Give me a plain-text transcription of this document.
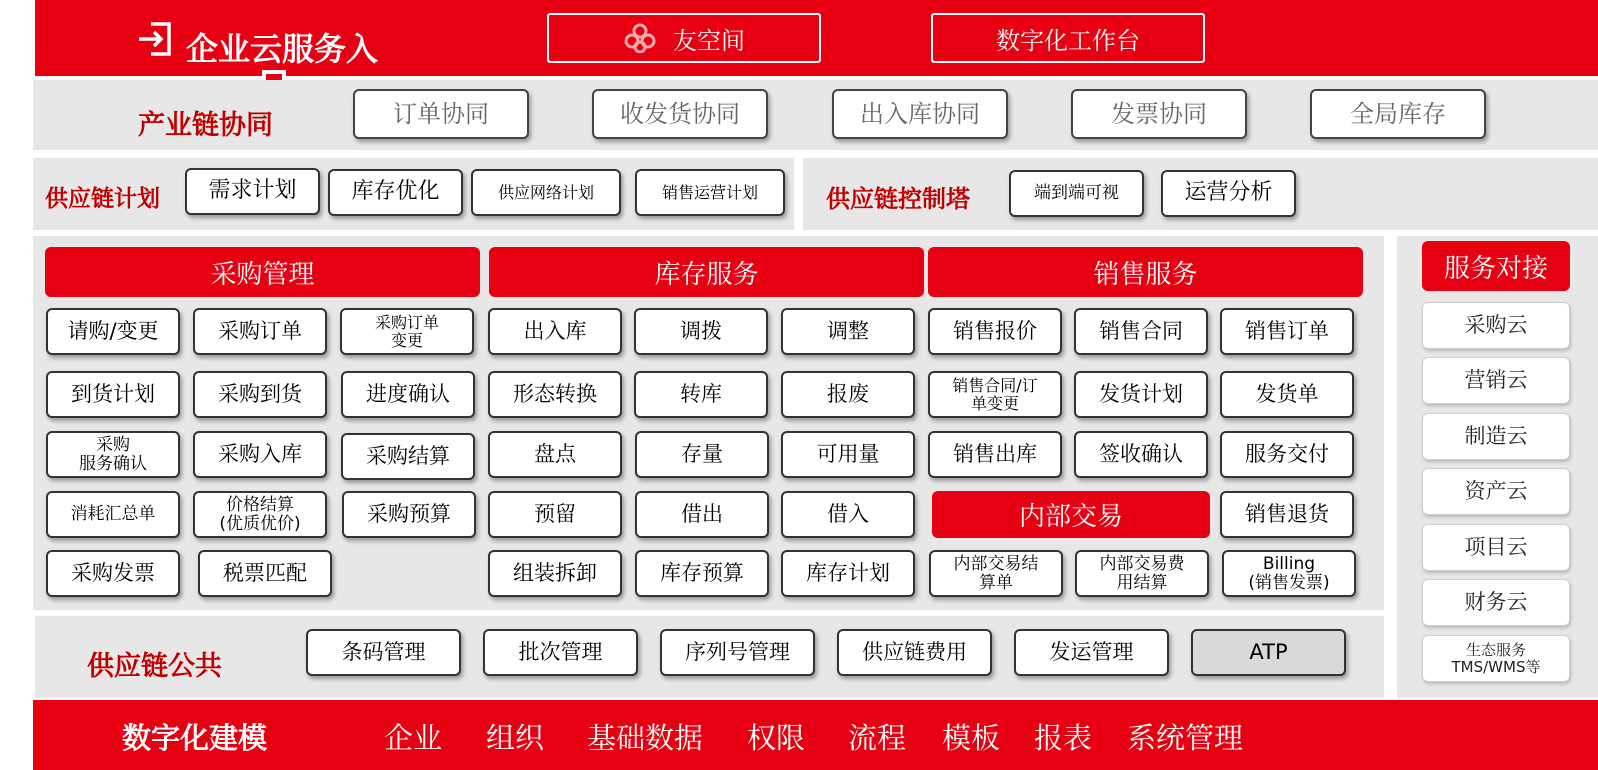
企业云服务入	友空间	数字化工作台
产业链协同	订单协同	收发货协同	出入库协同	发票协同	全局库存
供应链计划	需求计划	库存优化	供应网络计划	销售运营计划	供应链控制塔	端到端可视	运营分析
采购管理	库存服务	销售服务	服务对接
请购/变更	采购订单	采购订单
变更
到货计划	采购到货	进度确认
采购
服务确认	采购入库	采购结算
消耗汇总单	价格结算
(优质优价)	采购预算
采购发票	税票匹配
出入库	调拨	调整
形态转换	转库	报废
盘点	存量	可用量
预留	借出	借入
组装拆卸	库存预算	库存计划
销售报价	销售合同	销售订单
销售合同/订
单变更	发货计划	发货单
销售出库	签收确认	服务交付
内部交易	销售退货
内部交易结
算单
内部交易费
用结算
Billing
(销售发票)
采购云
营销云
制造云
资产云
项目云
财务云
生态服务
TMS/WMS等
供应链公共	条码管理	批次管理	序列号管理	供应链费用	发运管理	ATP
数字化建模	企业 组织 基础数据 权限 流程 模板 报表 系统管理
